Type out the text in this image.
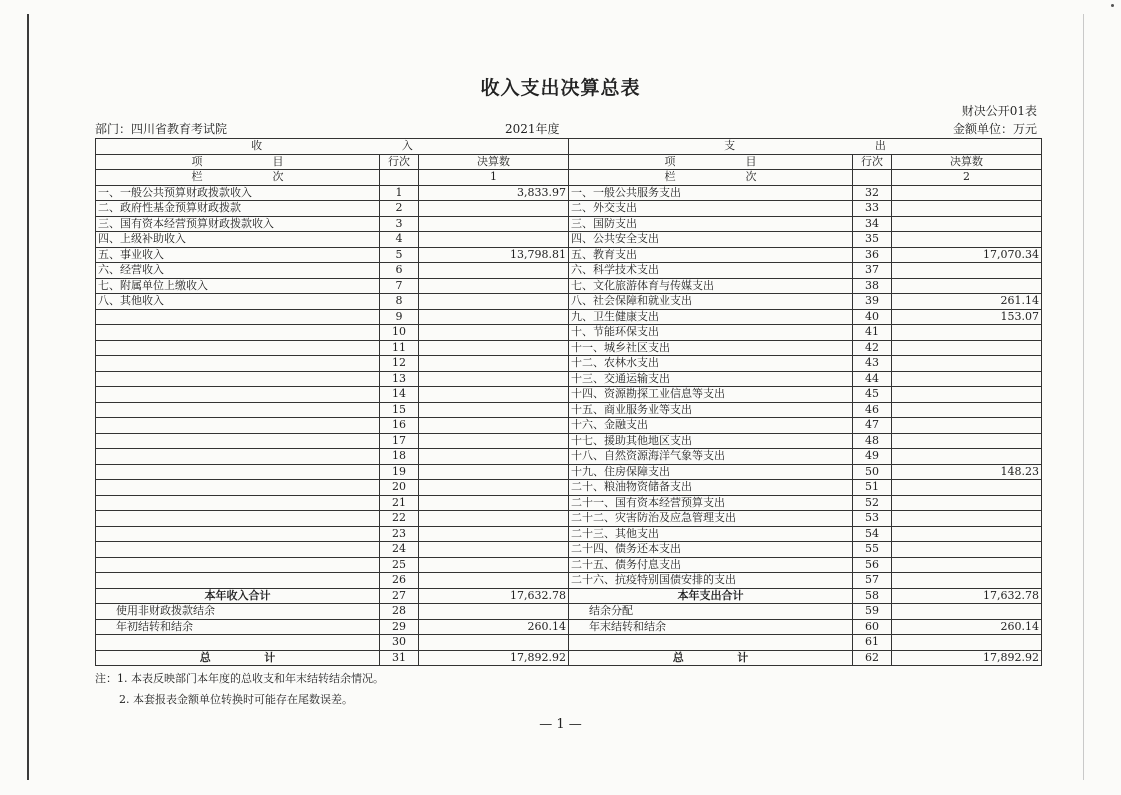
收入支出决算总表
财决公开01表
部门：四川省教育考试院	2021年度	金额单位：万元
收                                        入			支                                        出		
项                    目	行次	决算数	项                    目	行次	决算数
栏                    次		1	栏                    次		2
一、一般公共预算财政拨款收入	1	3,833.97	一、一般公共服务支出	32	
二、政府性基金预算财政拨款	2		二、外交支出	33	
三、国有资本经营预算财政拨款收入	3		三、国防支出	34	
四、上级补助收入	4		四、公共安全支出	35	
五、事业收入	5	13,798.81	五、教育支出	36	17,070.34
六、经营收入	6		六、科学技术支出	37	
七、附属单位上缴收入	7		七、文化旅游体育与传媒支出	38	
八、其他收入	8		八、社会保障和就业支出	39	261.14
	9		九、卫生健康支出	40	153.07
	10		十、节能环保支出	41	
	11		十一、城乡社区支出	42	
	12		十二、农林水支出	43	
	13		十三、交通运输支出	44	
	14		十四、资源勘探工业信息等支出	45	
	15		十五、商业服务业等支出	46	
	16		十六、金融支出	47	
	17		十七、援助其他地区支出	48	
	18		十八、自然资源海洋气象等支出	49	
	19		十九、住房保障支出	50	148.23
	20		二十、粮油物资储备支出	51	
	21		二十一、国有资本经营预算支出	52	
	22		二十二、灾害防治及应急管理支出	53	
	23		二十三、其他支出	54	
	24		二十四、债务还本支出	55	
	25		二十五、债务付息支出	56	
	26		二十六、抗疫特别国债安排的支出	57	
本年收入合计	27	17,632.78	本年支出合计	58	17,632.78
使用非财政拨款结余	28		结余分配	59	
年初结转和结余	29	260.14	年末结转和结余	60	260.14
	30			61	
总              计	31	17,892.92	总              计	62	17,892.92
注：1. 本表反映部门本年度的总收支和年末结转结余情况。
2. 本套报表金额单位转换时可能存在尾数误差。
— 1 —
